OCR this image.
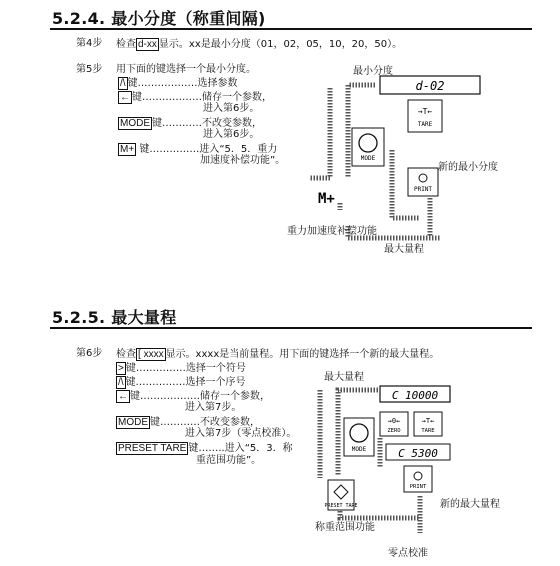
5.2.4. 最小分度（称重间隔)
第4步 检查 d-xx 显示。xx是最小分度（01，02，05，10，20，50）。
第5步 用下面的键选择一个最小分度。
/\ 键………………选择参数
← 键………………储存一个参数，
进入第6步。
MODE 键…………不改变参数，
进入第6步。
M+ 键……………进入“5．5．重力
加速度补偿功能”。
d-02
→T←
TARE
PRINT
MODE
M+
最小分度
新的最小分度
重力加速度补偿功能
最大量程
5.2.5. 最大量程
第6步 检查 [ xxxx 显示。xxxx是当前量程。用下面的键选择一个新的最大量程。
> 键……………选择一个符号
/\ 键……………选择一个序号
← 键………………储存一个参数，
进入第7步。
MODE 键…………不改变参数，
进入第7步（零点校准）。
PRESET TARE 键……..进入“5．3．称
重范围功能”。
C 10000
→0←
ZERO
→T←
TARE
C 5300
PRINT
MODE
PRESET TARE
最大量程
新的最大量程
称重范围功能
零点校准
